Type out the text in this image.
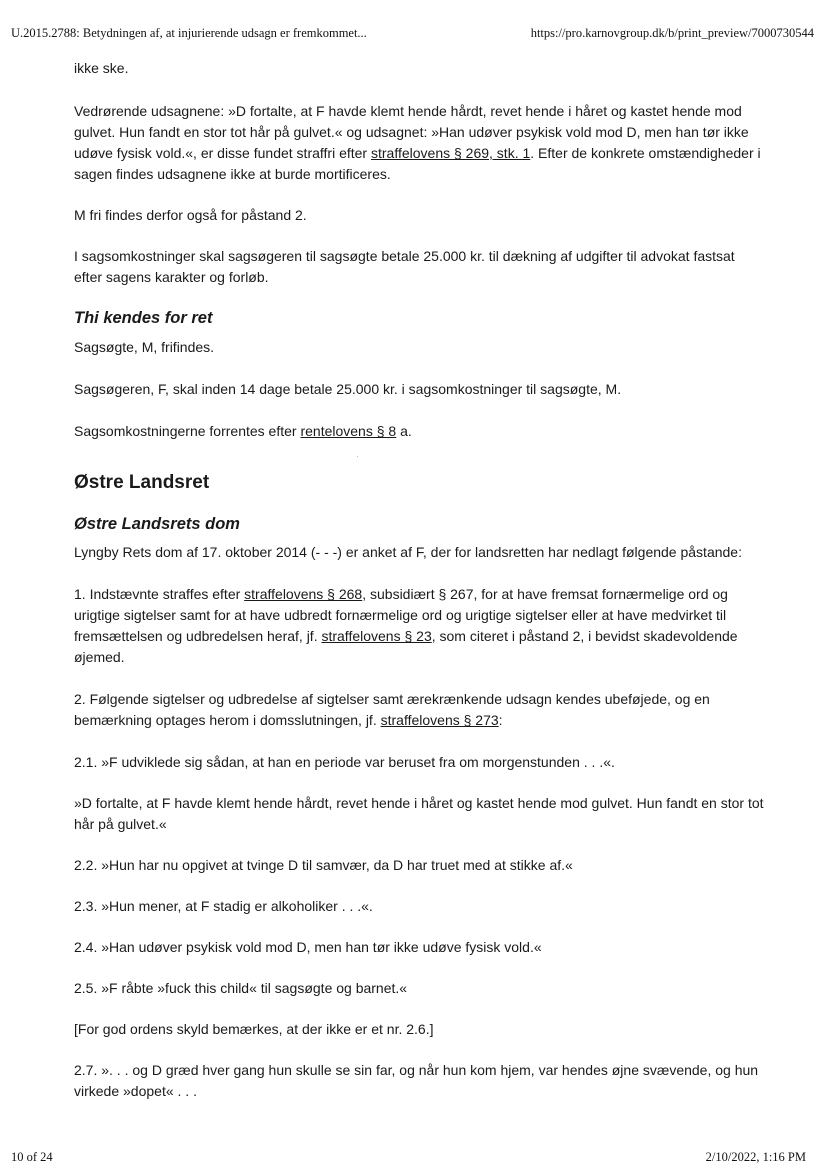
U.2015.2788: Betydningen af, at injurierende udsagn er fremkommet...	https://pro.karnovgroup.dk/b/print_preview/7000730544

ikke ske.

Vedrørende udsagnene: »D fortalte, at F havde klemt hende hårdt, revet hende i håret og kastet hende mod gulvet. Hun fandt en stor tot hår på gulvet.« og udsagnet: »Han udøver psykisk vold mod D, men han tør ikke udøve fysisk vold.«, er disse fundet straffri efter straffelovens § 269, stk. 1. Efter de konkrete omstændigheder i sagen findes udsagnene ikke at burde mortificeres.

M fri findes derfor også for påstand 2.

I sagsomkostninger skal sagsøgeren til sagsøgte betale 25.000 kr. til dækning af udgifter til advokat fastsat efter sagens karakter og forløb.

Thi kendes for ret

Sagsøgte, M, frifindes.

Sagsøgeren, F, skal inden 14 dage betale 25.000 kr. i sagsomkostninger til sagsøgte, M.

Sagsomkostningerne forrentes efter rentelovens § 8 a.

Østre Landsret
Østre Landsrets dom

Lyngby Rets dom af 17. oktober 2014 (- - -) er anket af F, der for landsretten har nedlagt følgende påstande:

1. Indstævnte straffes efter straffelovens § 268, subsidiært § 267, for at have fremsat fornærmelige ord og urigtige sigtelser samt for at have udbredt fornærmelige ord og urigtige sigtelser eller at have medvirket til fremsættelsen og udbredelsen heraf, jf. straffelovens § 23, som citeret i påstand 2, i bevidst skadevoldende øjemed.

2. Følgende sigtelser og udbredelse af sigtelser samt ærekrænkende udsagn kendes ubeføjede, og en bemærkning optages herom i domsslutningen, jf. straffelovens § 273:

2.1. »F udviklede sig sådan, at han en periode var beruset fra om morgenstunden . . .«.

»D fortalte, at F havde klemt hende hårdt, revet hende i håret og kastet hende mod gulvet. Hun fandt en stor tot hår på gulvet.«

2.2. »Hun har nu opgivet at tvinge D til samvær, da D har truet med at stikke af.«

2.3. »Hun mener, at F stadig er alkoholiker . . .«.

2.4. »Han udøver psykisk vold mod D, men han tør ikke udøve fysisk vold.«

2.5. »F råbte »fuck this child« til sagsøgte og barnet.«

[For god ordens skyld bemærkes, at der ikke er et nr. 2.6.]

2.7. ». . . og D græd hver gang hun skulle se sin far, og når hun kom hjem, var hendes øjne svævende, og hun virkede »dopet« . . .

10 of 24	2/10/2022, 1:16 PM
